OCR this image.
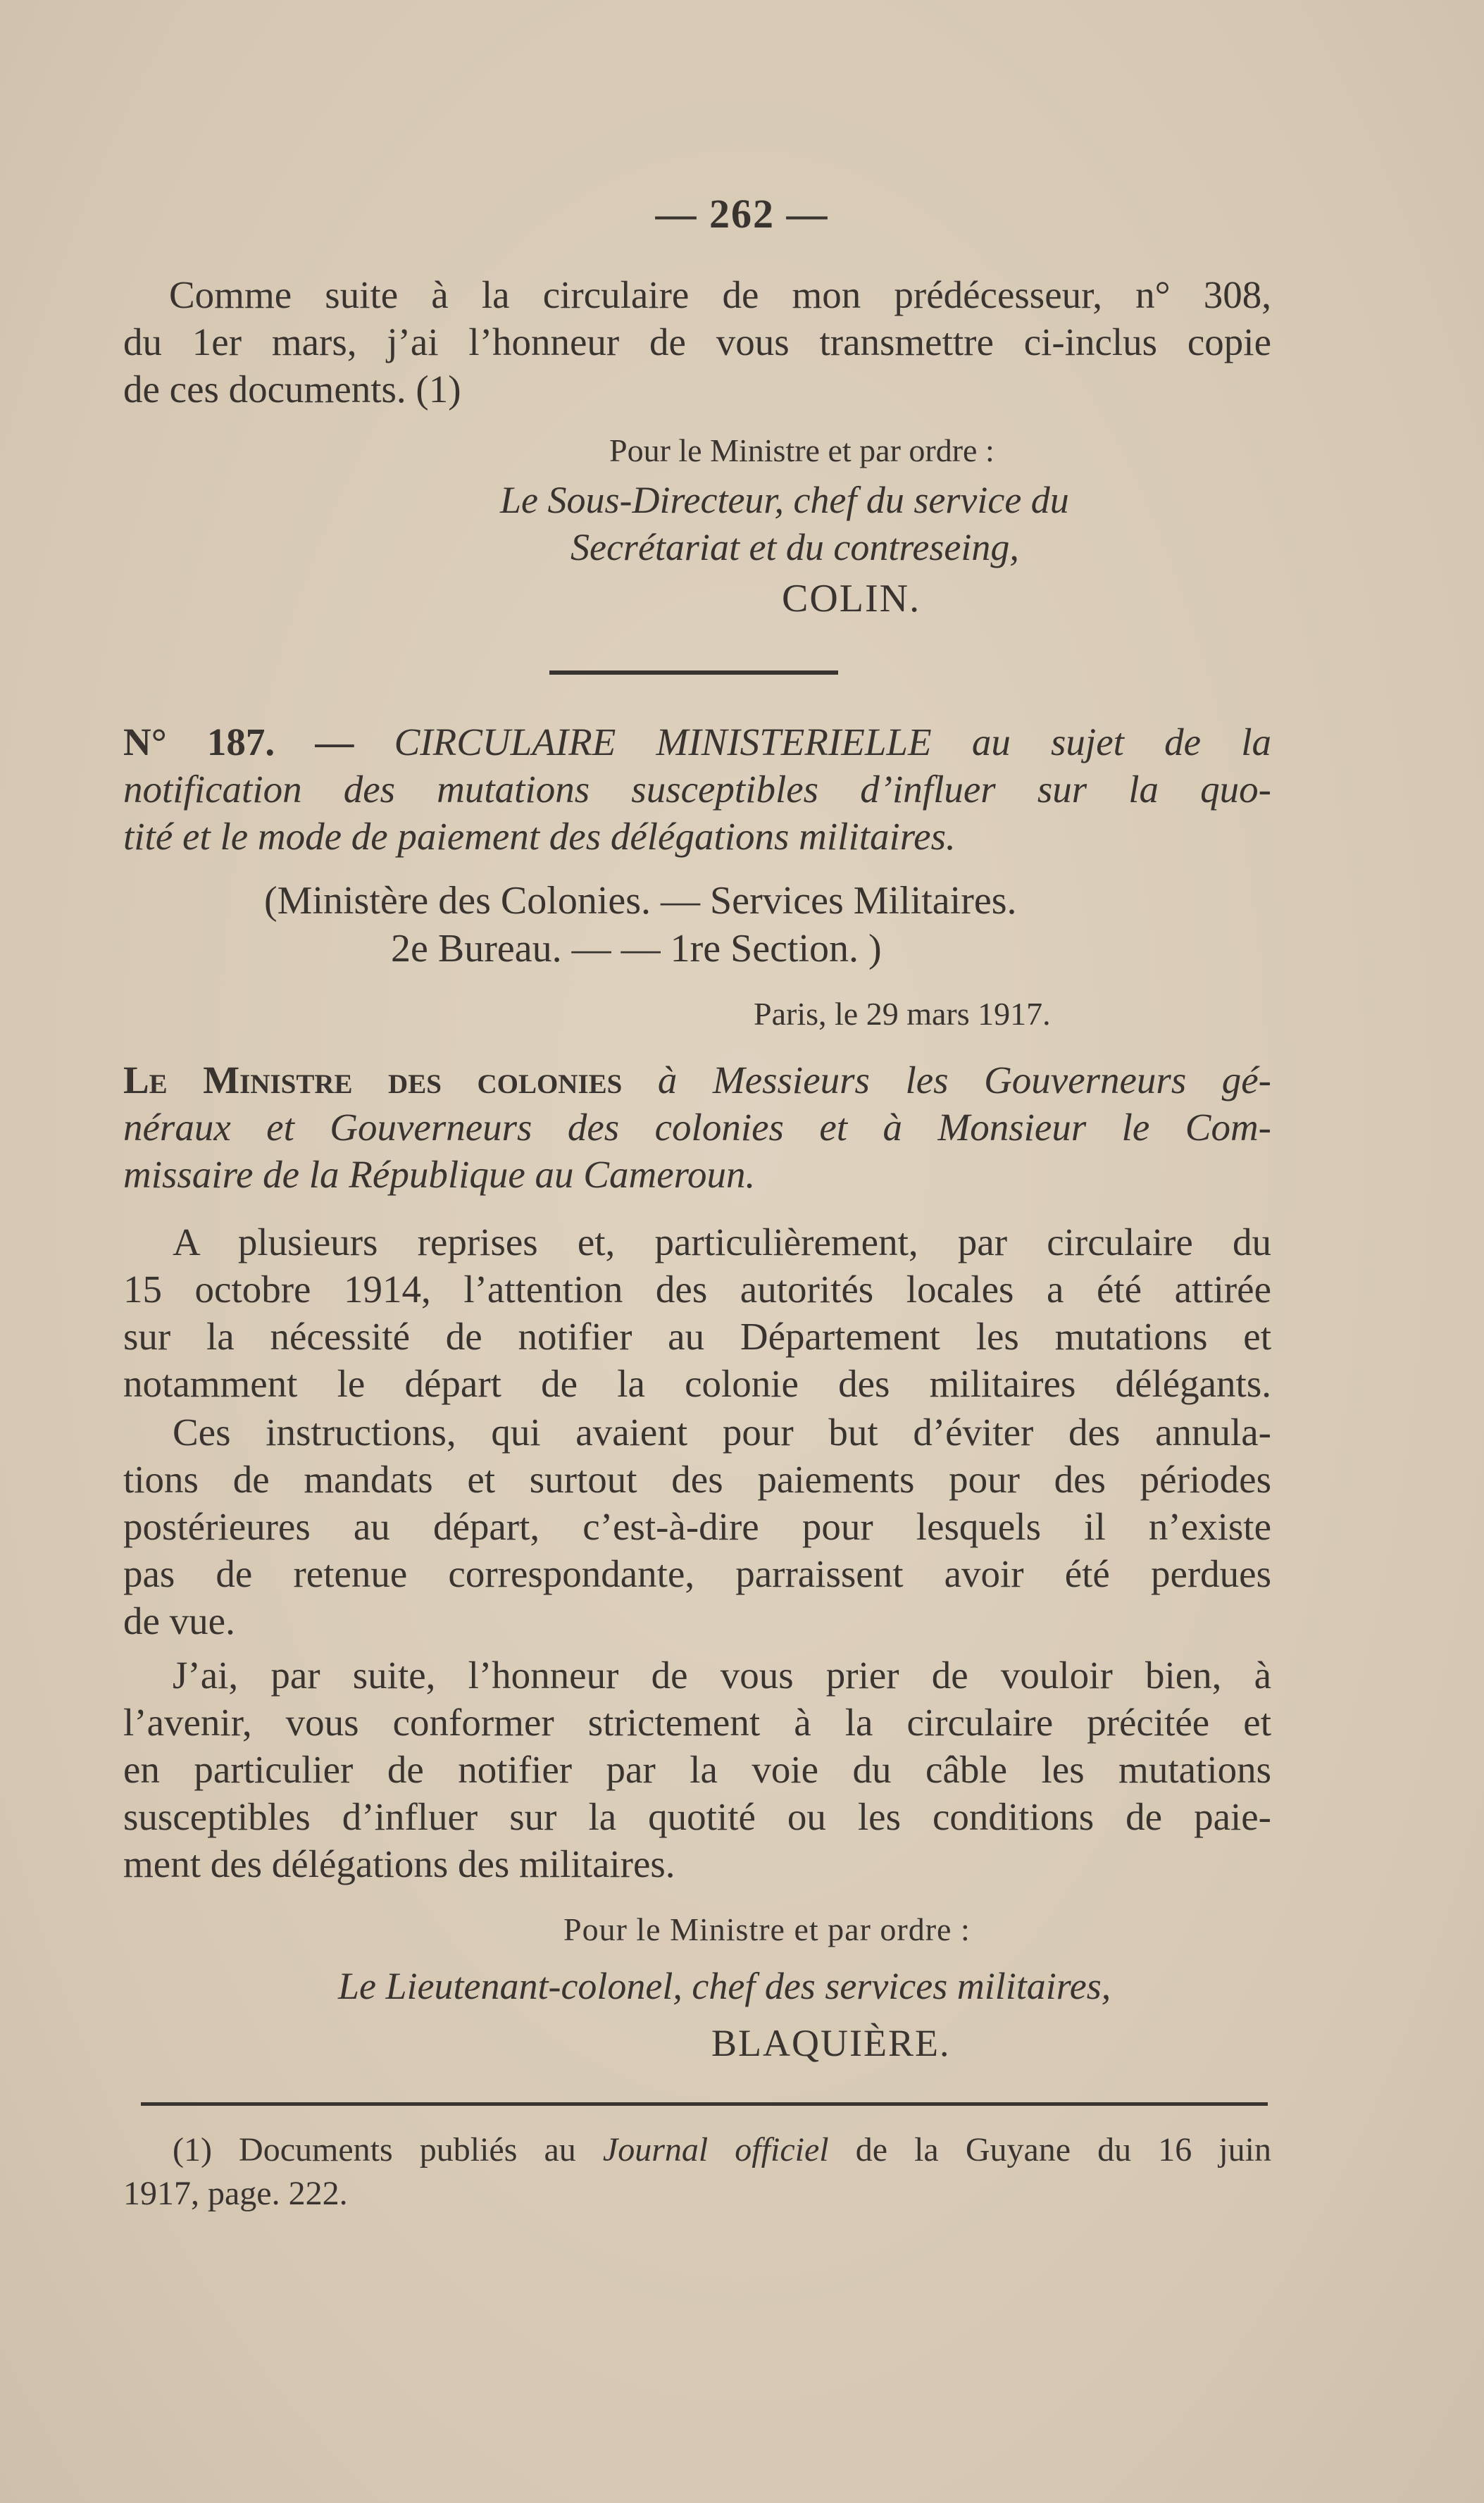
— 262 —
Comme suite à la circulaire de mon prédécesseur, n° 308,
du 1er mars, j’ai l’honneur de vous transmettre ci-inclus copie
de ces documents. (1)
Pour le Ministre et par ordre :
Le Sous-Directeur, chef du service du
Secrétariat et du contreseing,
COLIN.
N° 187. — CIRCULAIRE MINISTERIELLE au sujet de la
notification des mutations susceptibles d’influer sur la quo-
tité et le mode de paiement des délégations militaires.
(Ministère des Colonies. — Services Militaires.
2e Bureau. — — 1re Section. )
Paris, le 29 mars 1917.
Le Ministre des colonies à Messieurs les Gouverneurs gé-
néraux et Gouverneurs des colonies et à Monsieur le Com-
missaire de la République au Cameroun.
A plusieurs reprises et, particulièrement, par circulaire du
15 octobre 1914, l’attention des autorités locales a été attirée
sur la nécessité de notifier au Département les mutations et
notamment le départ de la colonie des militaires délégants.
Ces instructions, qui avaient pour but d’éviter des annula-
tions de mandats et surtout des paiements pour des périodes
postérieures au départ, c’est-à-dire pour lesquels il n’existe
pas de retenue correspondante, parraissent avoir été perdues
de vue.
J’ai, par suite, l’honneur de vous prier de vouloir bien, à
l’avenir, vous conformer strictement à la circulaire précitée et
en particulier de notifier par la voie du câble les mutations
susceptibles d’influer sur la quotité ou les conditions de paie-
ment des délégations des militaires.
Pour le Ministre et par ordre :
Le Lieutenant-colonel, chef des services militaires,
BLAQUIÈRE.
(1) Documents publiés au Journal officiel de la Guyane du 16 juin
1917, page. 222.
